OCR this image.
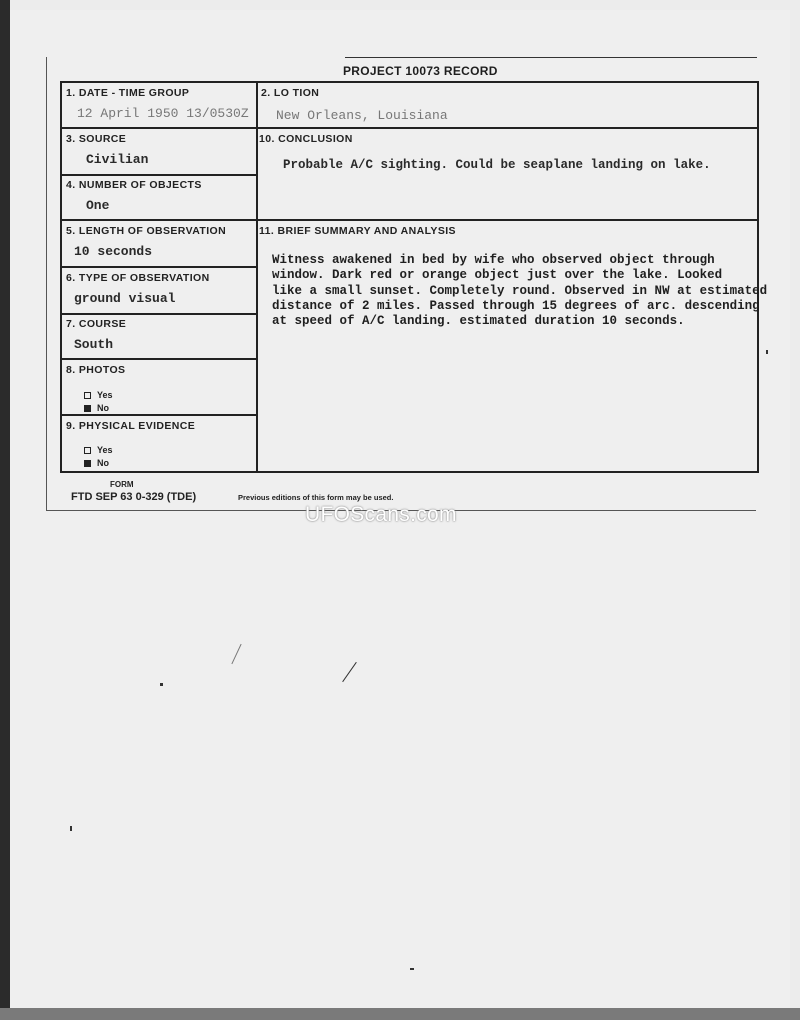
PROJECT 10073 RECORD
1. DATE - TIME GROUP
12 April 1950 13/0530Z
2. LO TION
New Orleans, Louisiana
3. SOURCE
Civilian
10. CONCLUSION
Probable A/C sighting. Could be seaplane landing on lake.
4. NUMBER OF OBJECTS
One
5. LENGTH OF OBSERVATION
10 seconds
11. BRIEF SUMMARY AND ANALYSIS
Witness awakened in bed by wife who observed object through
window. Dark red or orange object just over the lake. Looked
like a small sunset. Completely round. Observed in NW at estimated
distance of 2 miles. Passed through 15 degrees of arc. descending
at speed of A/C landing. estimated duration 10 seconds.
6. TYPE OF OBSERVATION
ground visual
7. COURSE
South
8. PHOTOS
Yes
No
9. PHYSICAL EVIDENCE
Yes
No
FORM
FTD SEP 63 0-329 (TDE)	Previous editions of this form may be used.
UFOScans.com
